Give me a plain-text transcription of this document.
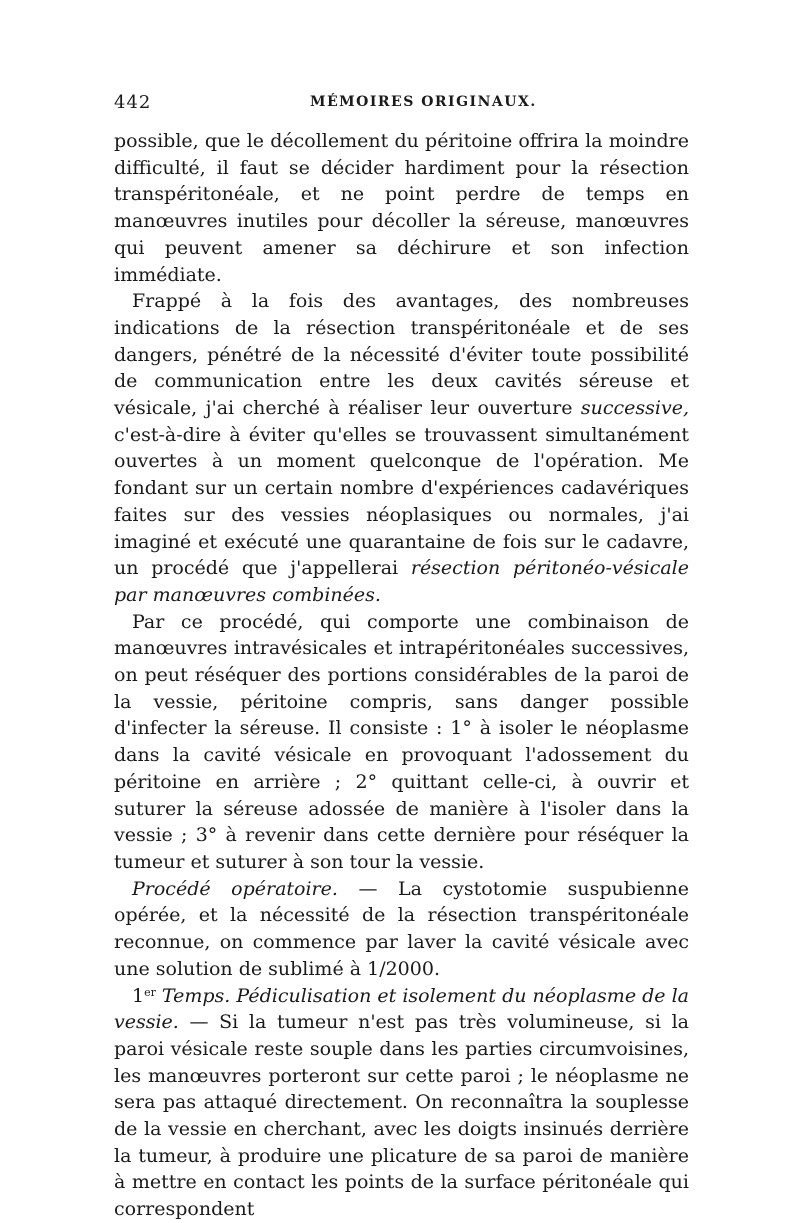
442	MÉMOIRES ORIGINAUX.

possible, que le décollement du péritoine offrira la moindre difficulté, il faut se décider hardiment pour la résection transpéritonéale, et ne point perdre de temps en manœuvres inutiles pour décoller la séreuse, manœuvres qui peuvent amener sa déchirure et son infection immédiate.

Frappé à la fois des avantages, des nombreuses indications de la résection transpéritonéale et de ses dangers, pénétré de la nécessité d'éviter toute possibilité de communication entre les deux cavités séreuse et vésicale, j'ai cherché à réaliser leur ouverture successive, c'est-à-dire à éviter qu'elles se trouvassent simultanément ouvertes à un moment quelconque de l'opération. Me fondant sur un certain nombre d'expériences cadavériques faites sur des vessies néoplasiques ou normales, j'ai imaginé et exécuté une quarantaine de fois sur le cadavre, un procédé que j'appellerai résection péritonéo-vésicale par manœuvres combinées.

Par ce procédé, qui comporte une combinaison de manœuvres intravésicales et intrapéritonéales successives, on peut réséquer des portions considérables de la paroi de la vessie, péritoine compris, sans danger possible d'infecter la séreuse. Il consiste : 1° à isoler le néoplasme dans la cavité vésicale en provoquant l'adossement du péritoine en arrière ; 2° quittant celle-ci, à ouvrir et suturer la séreuse adossée de manière à l'isoler dans la vessie ; 3° à revenir dans cette dernière pour réséquer la tumeur et suturer à son tour la vessie.

Procédé opératoire. — La cystotomie suspubienne opérée, et la nécessité de la résection transpéritonéale reconnue, on commence par laver la cavité vésicale avec une solution de sublimé à 1/2000.

1er Temps. Pédiculisation et isolement du néoplasme de la vessie. — Si la tumeur n'est pas très volumineuse, si la paroi vésicale reste souple dans les parties circumvoisines, les manœuvres porteront sur cette paroi ; le néoplasme ne sera pas attaqué directement. On reconnaîtra la souplesse de la vessie en cherchant, avec les doigts insinués derrière la tumeur, à produire une plicature de sa paroi de manière à mettre en contact les points de la surface péritonéale qui correspondent
